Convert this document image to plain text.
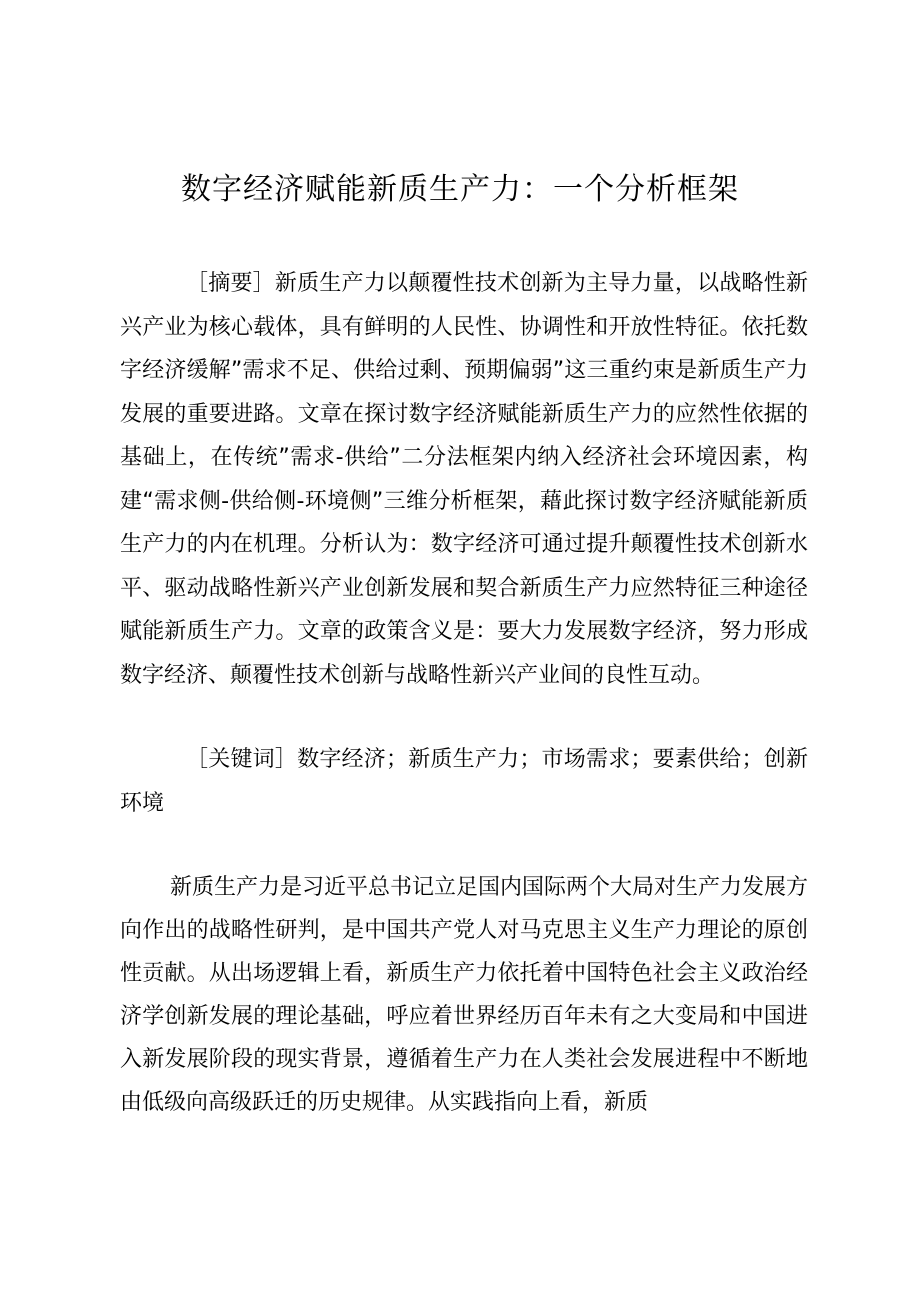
数字经济赋能新质生产力：一个分析框架

［摘要］新质生产力以颠覆性技术创新为主导力量，以战略性新兴产业为核心载体，具有鲜明的人民性、协调性和开放性特征。依托数字经济缓解”需求不足、供给过剩、预期偏弱”这三重约束是新质生产力发展的重要进路。文章在探讨数字经济赋能新质生产力的应然性依据的基础上，在传统”需求-供给”二分法框架内纳入经济社会环境因素，构建“需求侧-供给侧-环境侧”三维分析框架，藉此探讨数字经济赋能新质生产力的内在机理。分析认为：数字经济可通过提升颠覆性技术创新水平、驱动战略性新兴产业创新发展和契合新质生产力应然特征三种途径赋能新质生产力。文章的政策含义是：要大力发展数字经济，努力形成数字经济、颠覆性技术创新与战略性新兴产业间的良性互动。

［关键词］数字经济；新质生产力；市场需求；要素供给；创新环境

新质生产力是习近平总书记立足国内国际两个大局对生产力发展方向作出的战略性研判，是中国共产党人对马克思主义生产力理论的原创性贡献。从出场逻辑上看，新质生产力依托着中国特色社会主义政治经济学创新发展的理论基础，呼应着世界经历百年未有之大变局和中国进入新发展阶段的现实背景，遵循着生产力在人类社会发展进程中不断地由低级向高级跃迁的历史规律。从实践指向上看，新质
